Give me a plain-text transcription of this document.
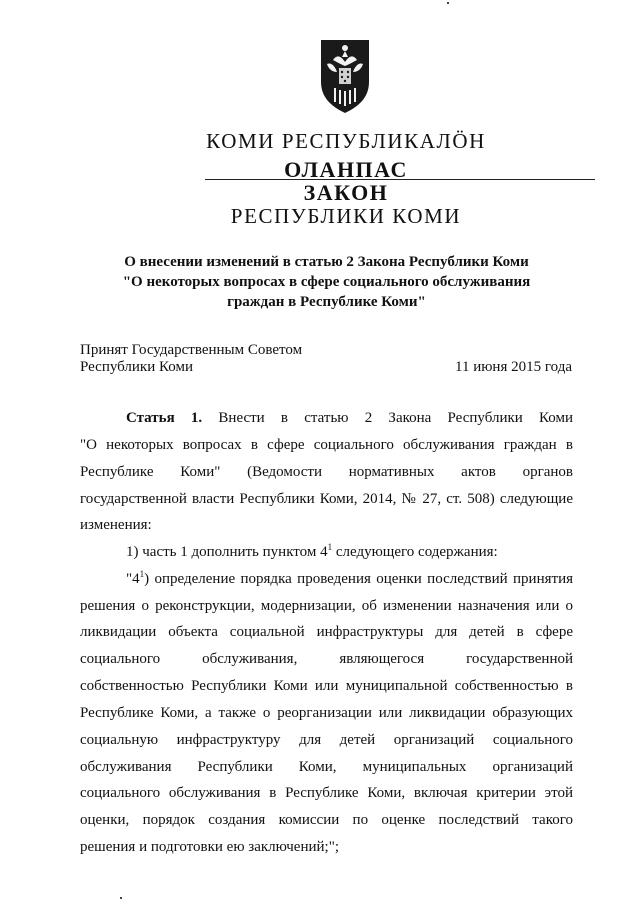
КОМИ РЕСПУБЛИКАЛӦН
ОЛАНПАС
ЗАКОН
РЕСПУБЛИКИ КОМИ
О внесении изменений в статью 2 Закона Республики Коми
"О некоторых вопросах в сфере социального обслуживания
граждан в Республике Коми"
Принят Государственным Советом
Республики Коми	11 июня 2015 года
Статья 1. Внести в статью 2 Закона Республики Коми
"О некоторых вопросах в сфере социального обслуживания граждан в
Республике Коми" (Ведомости нормативных актов органов
государственной власти Республики Коми, 2014, № 27, ст. 508) следующие
изменения:
1) часть 1 дополнить пунктом $4^1$ следующего содержания:
"$4^1$) определение порядка проведения оценки последствий принятия
решения о реконструкции, модернизации, об изменении назначения или о
ликвидации объекта социальной инфраструктуры для детей в сфере
социального обслуживания, являющегося государственной
собственностью Республики Коми или муниципальной собственностью в
Республике Коми, а также о реорганизации или ликвидации образующих
социальную инфраструктуру для детей организаций социального
обслуживания Республики Коми, муниципальных организаций
социального обслуживания в Республике Коми, включая критерии этой
оценки, порядок создания комиссии по оценке последствий такого
решения и подготовки ею заключений;";
